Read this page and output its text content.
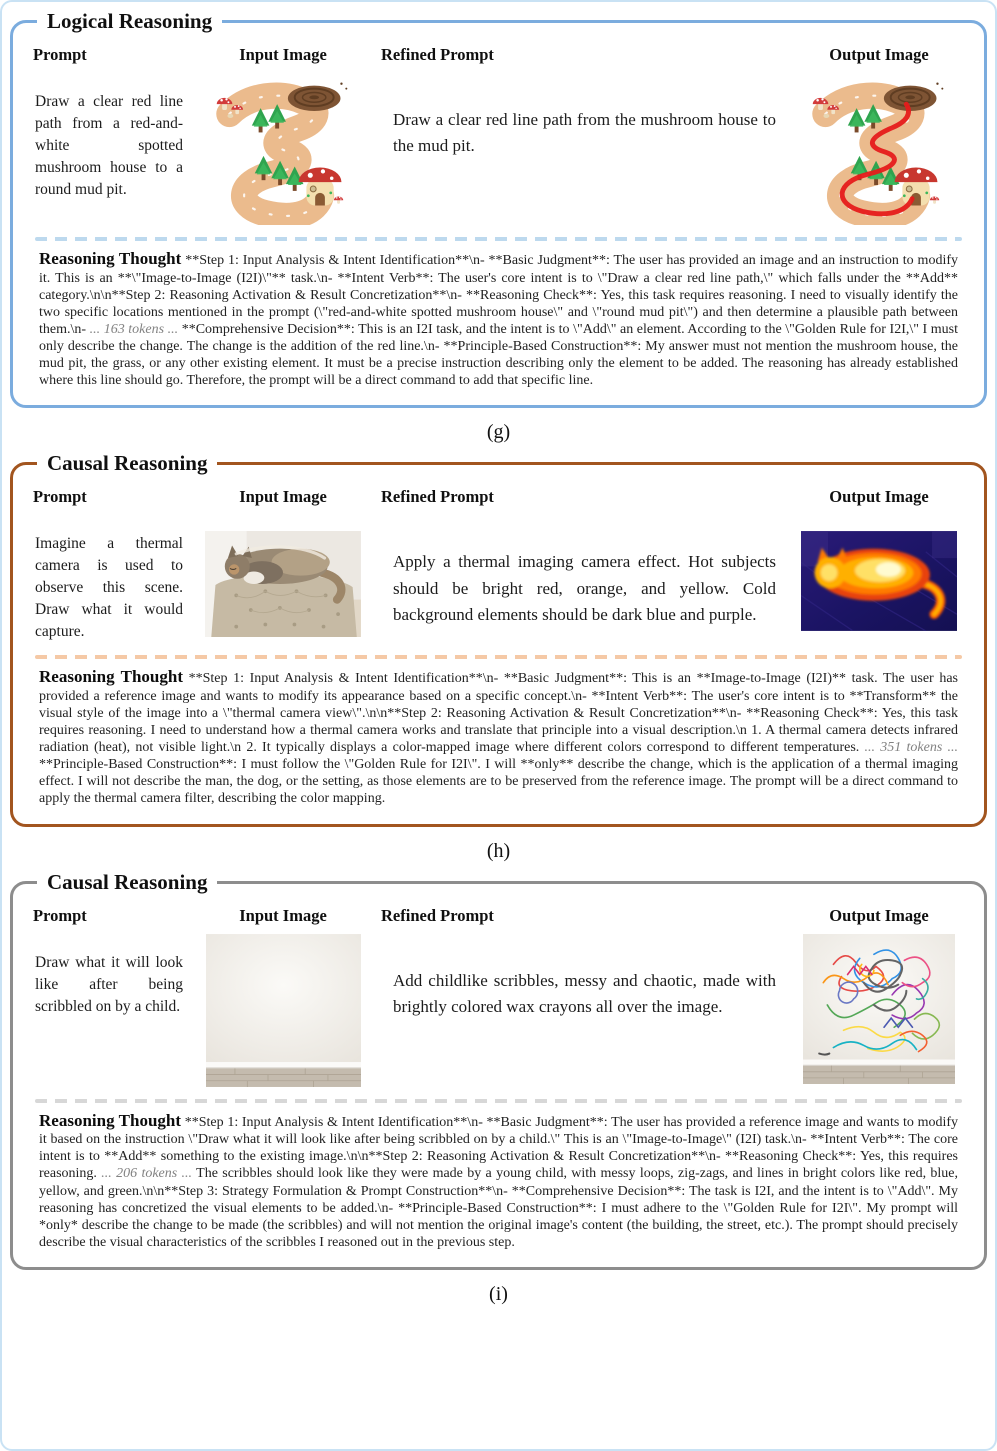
Logical Reasoning
Prompt

Draw a clear red line path from a red-and-white spotted mushroom house to a round mud pit.

Input Image	Refined Prompt

Draw a clear red line path from the mushroom house to the mud pit.

Output Image

Reasoning Thought **Step 1: Input Analysis & Intent Identification**\n- **Basic Judgment**: The user has provided an image and an instruction to modify it. This is an **\"Image-to-Image (I2I)\"** task.\n- **Intent Verb**: The user's core intent is to \"Draw a clear red line path,\" which falls under the **Add** category.\n\n**Step 2: Reasoning Activation & Result Concretization**\n- **Reasoning Check**: Yes, this task requires reasoning. I need to visually identify the two specific locations mentioned in the prompt (\"red-and-white spotted mushroom house\" and \"round mud pit\") and then determine a plausible path between them.\n- ... 163 tokens ... **Comprehensive Decision**: This is an I2I task, and the intent is to \"Add\" an element. According to the \"Golden Rule for I2I,\" I must only describe the change. The change is the addition of the red line.\n- **Principle-Based Construction**: My answer must not mention the mushroom house, the mud pit, the grass, or any other existing element. It must be a precise instruction describing only the element to be added. The reasoning has already established where this line should go. Therefore, the prompt will be a direct command to add that specific line.

(g)
Causal Reasoning
Prompt

Imagine a thermal camera is used to observe this scene. Draw what it would capture.

Input Image	Refined Prompt

Apply a thermal imaging camera effect. Hot subjects should be bright red, orange, and yellow. Cold background elements should be dark blue and purple.

Output Image

Reasoning Thought **Step 1: Input Analysis & Intent Identification**\n- **Basic Judgment**: This is an **Image-to-Image (I2I)** task. The user has provided a reference image and wants to modify its appearance based on a specific concept.\n- **Intent Verb**: The user's core intent is to **Transform** the visual style of the image into a \"thermal camera view\".\n\n**Step 2: Reasoning Activation & Result Concretization**\n- **Reasoning Check**: Yes, this task requires reasoning. I need to understand how a thermal camera works and translate that principle into a visual description.\n 1. A thermal camera detects infrared radiation (heat), not visible light.\n 2. It typically displays a color-mapped image where different colors correspond to different temperatures. ... 351 tokens ... **Principle-Based Construction**: I must follow the \"Golden Rule for I2I\". I will **only** describe the change, which is the application of a thermal imaging effect. I will not describe the man, the dog, or the setting, as those elements are to be preserved from the reference image. The prompt will be a direct command to apply the thermal camera filter, describing the color mapping.

(h)
Causal Reasoning
Prompt

Draw what it will look like after being scribbled on by a child.

Input Image	Refined Prompt

Add childlike scribbles, messy and chaotic, made with brightly colored wax crayons all over the image.

Output Image

Reasoning Thought **Step 1: Input Analysis & Intent Identification**\n- **Basic Judgment**: The user has provided a reference image and wants to modify it based on the instruction \"Draw what it will look like after being scribbled on by a child.\" This is an \"Image-to-Image\" (I2I) task.\n- **Intent Verb**: The core intent is to **Add** something to the existing image.\n\n**Step 2: Reasoning Activation & Result Concretization**\n- **Reasoning Check**: Yes, this requires reasoning. ... 206 tokens ... The scribbles should look like they were made by a young child, with messy loops, zig-zags, and lines in bright colors like red, blue, yellow, and green.\n\n**Step 3: Strategy Formulation & Prompt Construction**\n- **Comprehensive Decision**: The task is I2I, and the intent is to \"Add\". My reasoning has concretized the visual elements to be added.\n- **Principle-Based Construction**: I must adhere to the \"Golden Rule for I2I\". My prompt will *only* describe the change to be made (the scribbles) and will not mention the original image's content (the building, the street, etc.). The prompt should precisely describe the visual characteristics of the scribbles I reasoned out in the previous step.

(i)
